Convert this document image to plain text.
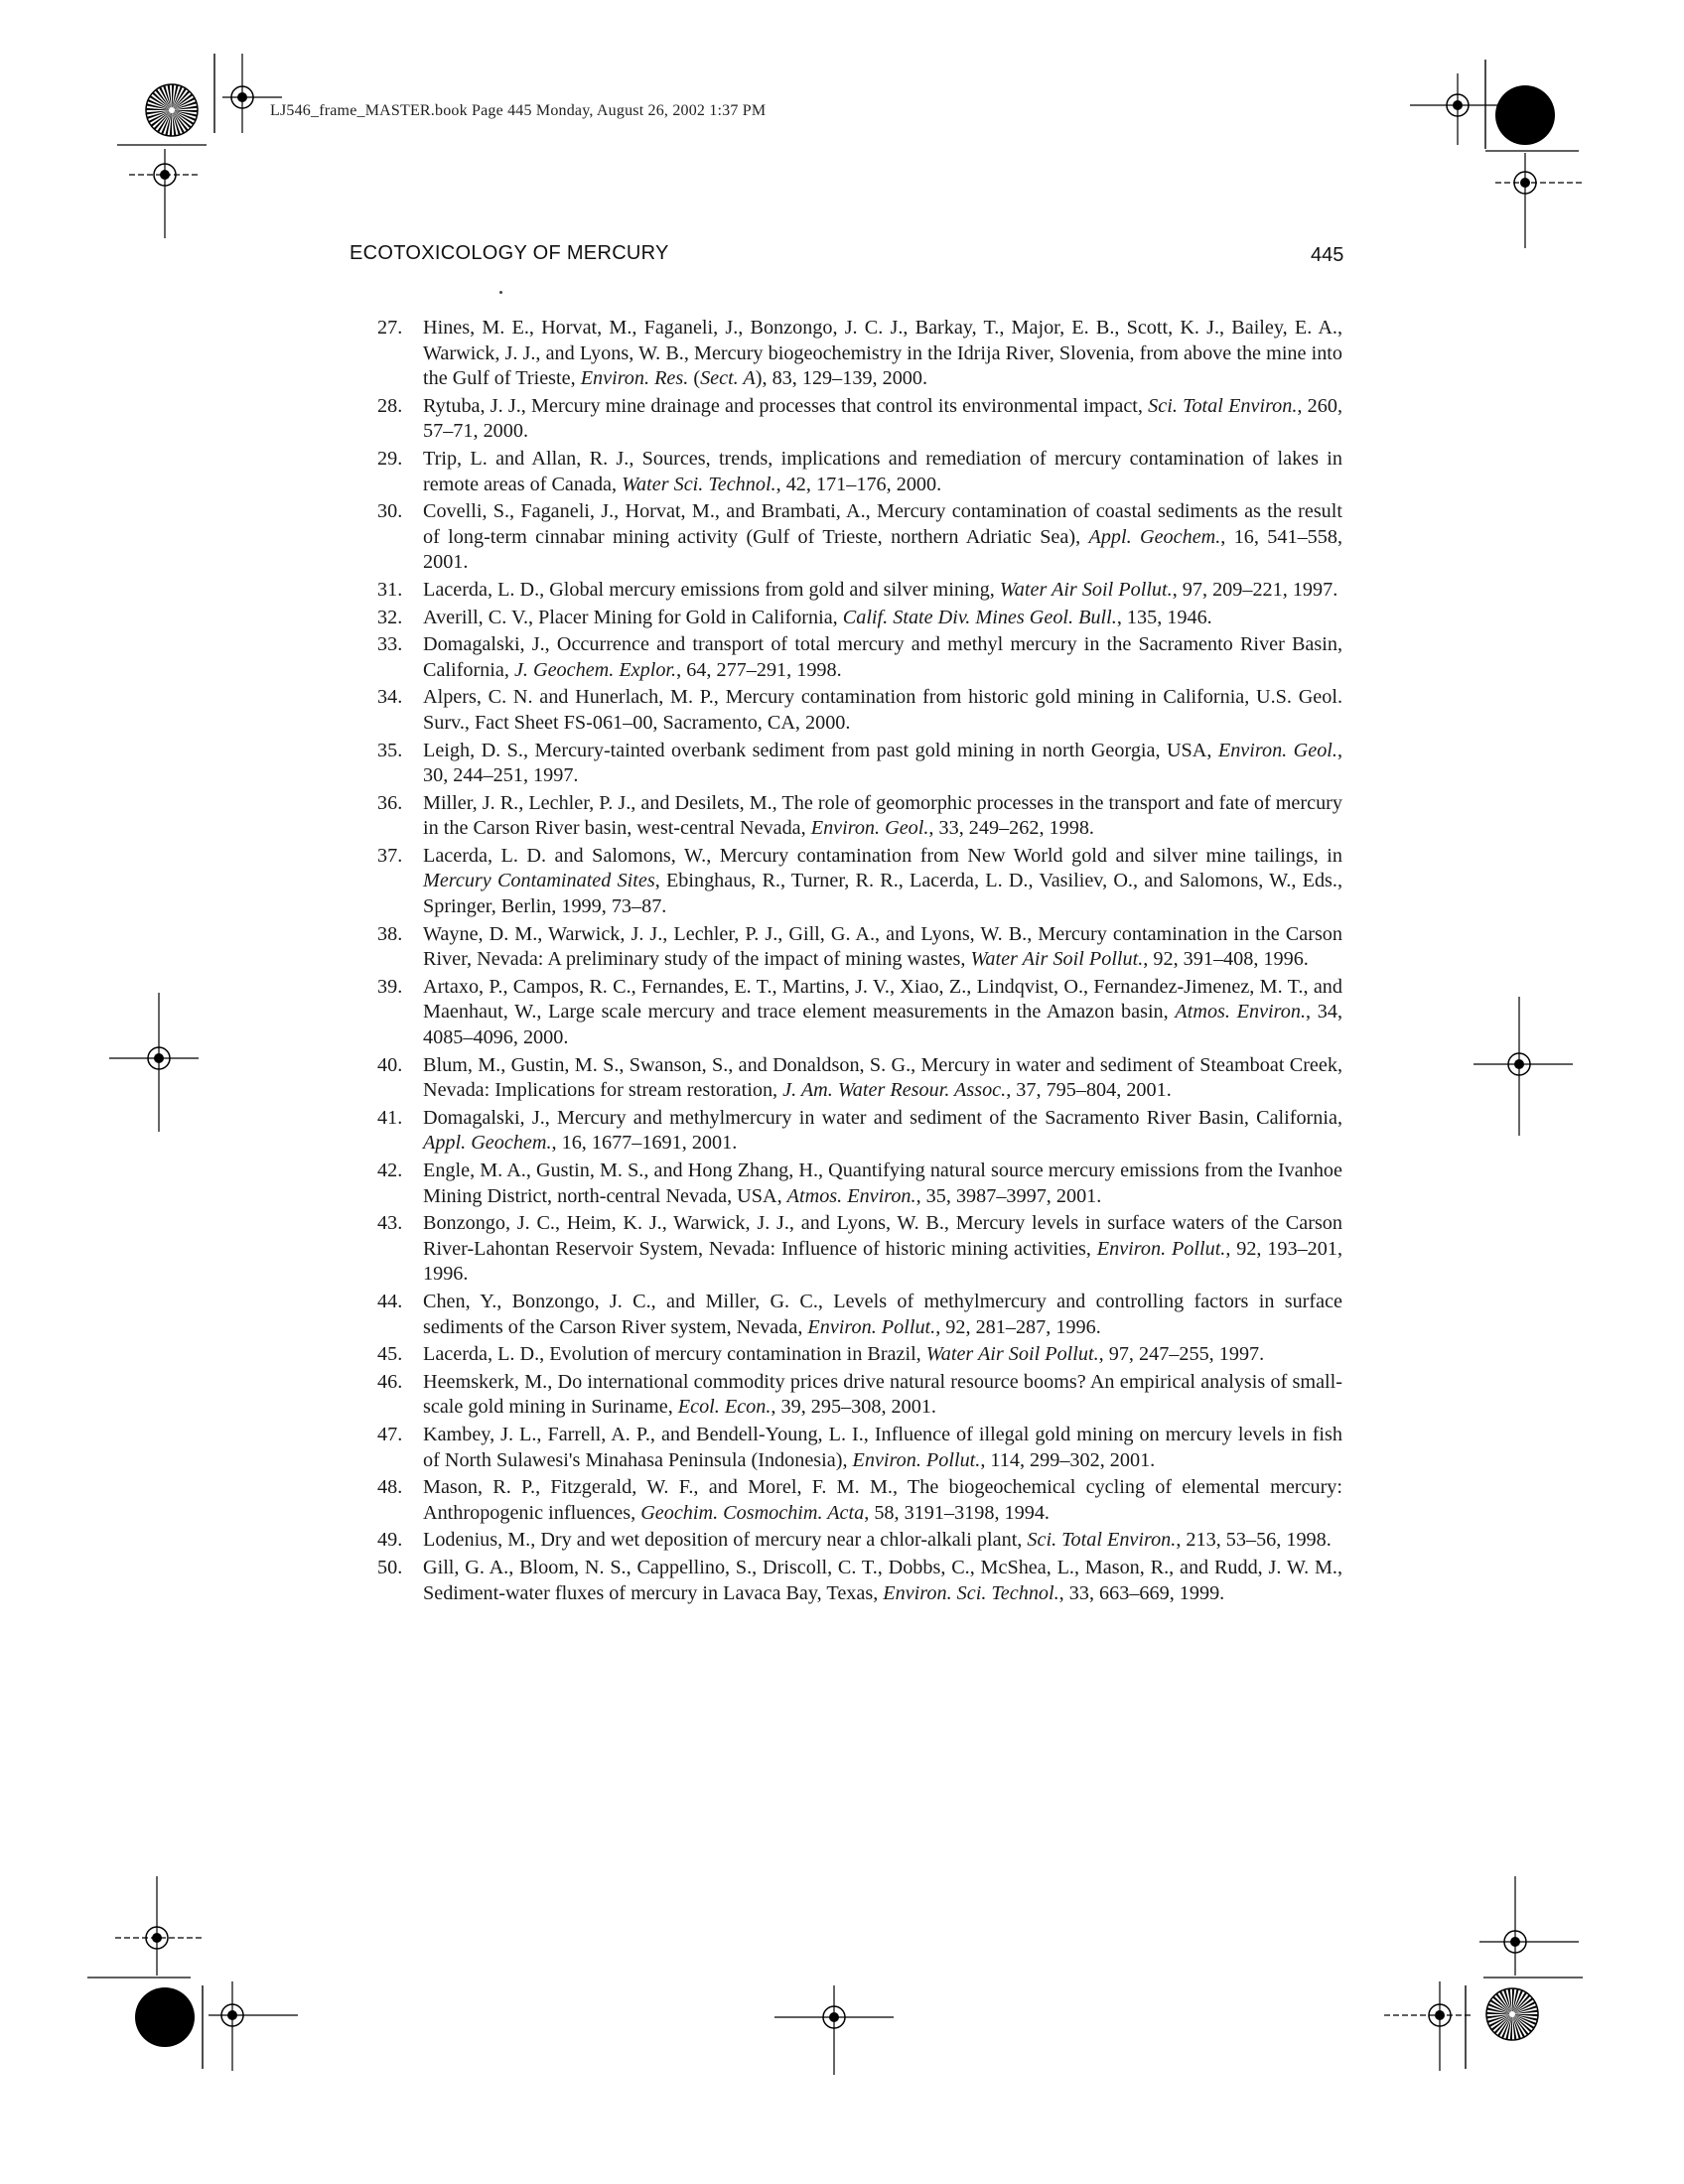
LJ546_frame_MASTER.book Page 445 Monday, August 26, 2002 1:37 PM
ECOTOXICOLOGY OF MERCURY	445
27. Hines, M. E., Horvat, M., Faganeli, J., Bonzongo, J. C. J., Barkay, T., Major, E. B., Scott, K. J., Bailey, E. A., Warwick, J. J., and Lyons, W. B., Mercury biogeochemistry in the Idrija River, Slovenia, from above the mine into the Gulf of Trieste, Environ. Res. (Sect. A), 83, 129–139, 2000.
28. Rytuba, J. J., Mercury mine drainage and processes that control its environmental impact, Sci. Total Environ., 260, 57–71, 2000.
29. Trip, L. and Allan, R. J., Sources, trends, implications and remediation of mercury contamination of lakes in remote areas of Canada, Water Sci. Technol., 42, 171–176, 2000.
30. Covelli, S., Faganeli, J., Horvat, M., and Brambati, A., Mercury contamination of coastal sediments as the result of long-term cinnabar mining activity (Gulf of Trieste, northern Adriatic Sea), Appl. Geochem., 16, 541–558, 2001.
31. Lacerda, L. D., Global mercury emissions from gold and silver mining, Water Air Soil Pollut., 97, 209–221, 1997.
32. Averill, C. V., Placer Mining for Gold in California, Calif. State Div. Mines Geol. Bull., 135, 1946.
33. Domagalski, J., Occurrence and transport of total mercury and methyl mercury in the Sacramento River Basin, California, J. Geochem. Explor., 64, 277–291, 1998.
34. Alpers, C. N. and Hunerlach, M. P., Mercury contamination from historic gold mining in California, U.S. Geol. Surv., Fact Sheet FS-061–00, Sacramento, CA, 2000.
35. Leigh, D. S., Mercury-tainted overbank sediment from past gold mining in north Georgia, USA, Environ. Geol., 30, 244–251, 1997.
36. Miller, J. R., Lechler, P. J., and Desilets, M., The role of geomorphic processes in the transport and fate of mercury in the Carson River basin, west-central Nevada, Environ. Geol., 33, 249–262, 1998.
37. Lacerda, L. D. and Salomons, W., Mercury contamination from New World gold and silver mine tailings, in Mercury Contaminated Sites, Ebinghaus, R., Turner, R. R., Lacerda, L. D., Vasiliev, O., and Salomons, W., Eds., Springer, Berlin, 1999, 73–87.
38. Wayne, D. M., Warwick, J. J., Lechler, P. J., Gill, G. A., and Lyons, W. B., Mercury contamination in the Carson River, Nevada: A preliminary study of the impact of mining wastes, Water Air Soil Pollut., 92, 391–408, 1996.
39. Artaxo, P., Campos, R. C., Fernandes, E. T., Martins, J. V., Xiao, Z., Lindqvist, O., Fernandez-Jimenez, M. T., and Maenhaut, W., Large scale mercury and trace element measurements in the Amazon basin, Atmos. Environ., 34, 4085–4096, 2000.
40. Blum, M., Gustin, M. S., Swanson, S., and Donaldson, S. G., Mercury in water and sediment of Steamboat Creek, Nevada: Implications for stream restoration, J. Am. Water Resour. Assoc., 37, 795–804, 2001.
41. Domagalski, J., Mercury and methylmercury in water and sediment of the Sacramento River Basin, California, Appl. Geochem., 16, 1677–1691, 2001.
42. Engle, M. A., Gustin, M. S., and Hong Zhang, H., Quantifying natural source mercury emissions from the Ivanhoe Mining District, north-central Nevada, USA, Atmos. Environ., 35, 3987–3997, 2001.
43. Bonzongo, J. C., Heim, K. J., Warwick, J. J., and Lyons, W. B., Mercury levels in surface waters of the Carson River-Lahontan Reservoir System, Nevada: Influence of historic mining activities, Environ. Pollut., 92, 193–201, 1996.
44. Chen, Y., Bonzongo, J. C., and Miller, G. C., Levels of methylmercury and controlling factors in surface sediments of the Carson River system, Nevada, Environ. Pollut., 92, 281–287, 1996.
45. Lacerda, L. D., Evolution of mercury contamination in Brazil, Water Air Soil Pollut., 97, 247–255, 1997.
46. Heemskerk, M., Do international commodity prices drive natural resource booms? An empirical analysis of small-scale gold mining in Suriname, Ecol. Econ., 39, 295–308, 2001.
47. Kambey, J. L., Farrell, A. P., and Bendell-Young, L. I., Influence of illegal gold mining on mercury levels in fish of North Sulawesi's Minahasa Peninsula (Indonesia), Environ. Pollut., 114, 299–302, 2001.
48. Mason, R. P., Fitzgerald, W. F., and Morel, F. M. M., The biogeochemical cycling of elemental mercury: Anthropogenic influences, Geochim. Cosmochim. Acta, 58, 3191–3198, 1994.
49. Lodenius, M., Dry and wet deposition of mercury near a chlor-alkali plant, Sci. Total Environ., 213, 53–56, 1998.
50. Gill, G. A., Bloom, N. S., Cappellino, S., Driscoll, C. T., Dobbs, C., McShea, L., Mason, R., and Rudd, J. W. M., Sediment-water fluxes of mercury in Lavaca Bay, Texas, Environ. Sci. Technol., 33, 663–669, 1999.
